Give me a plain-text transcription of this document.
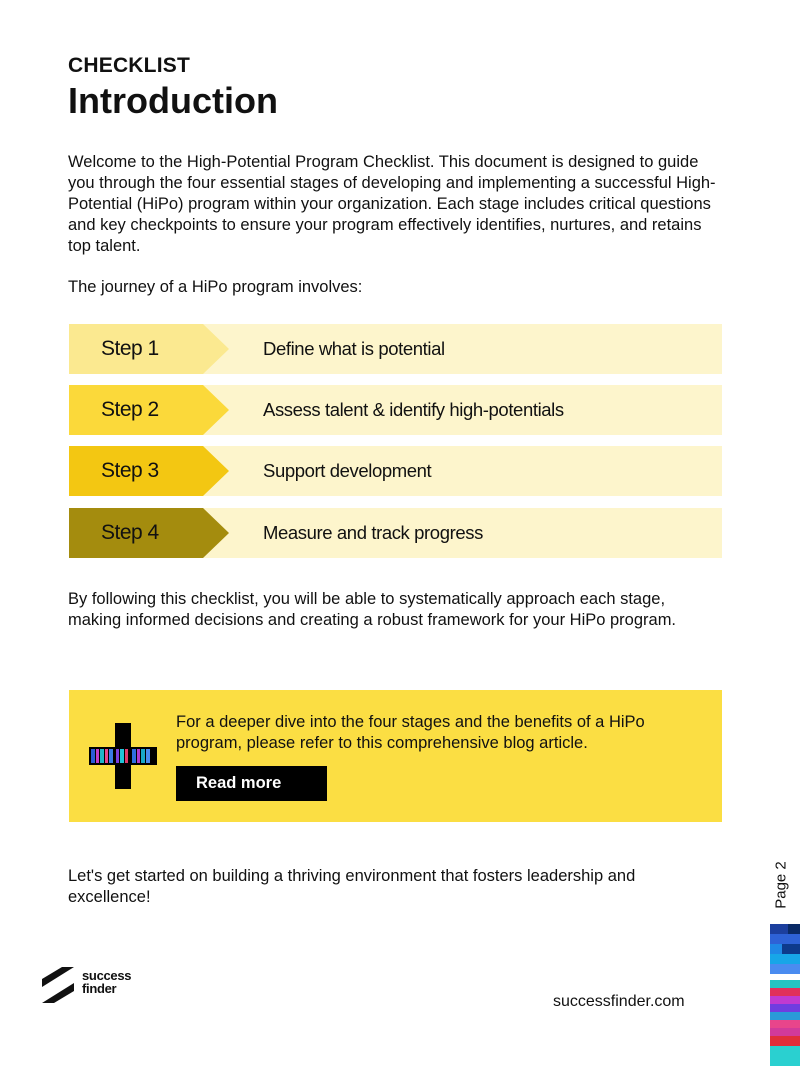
CHECKLIST
Introduction
Welcome to the High-Potential Program Checklist. This document is designed to guide you through the four essential stages of developing and implementing a successful High-Potential (HiPo) program within your organization. Each stage includes critical questions and key checkpoints to ensure your program effectively identifies, nurtures, and retains top talent.
The journey of a HiPo program involves:
Step 1	Define what is potential
Step 2	Assess talent & identify high-potentials
Step 3	Support development
Step 4	Measure and track progress
By following this checklist, you will be able to systematically approach each stage, making informed decisions and creating a robust framework for your HiPo program.
For a deeper dive into the four stages and the benefits of a HiPo program, please refer to this comprehensive blog article.
Read more
Let's get started on building a thriving environment that fosters leadership and excellence!	Page 2
success
finder
successfinder.com
